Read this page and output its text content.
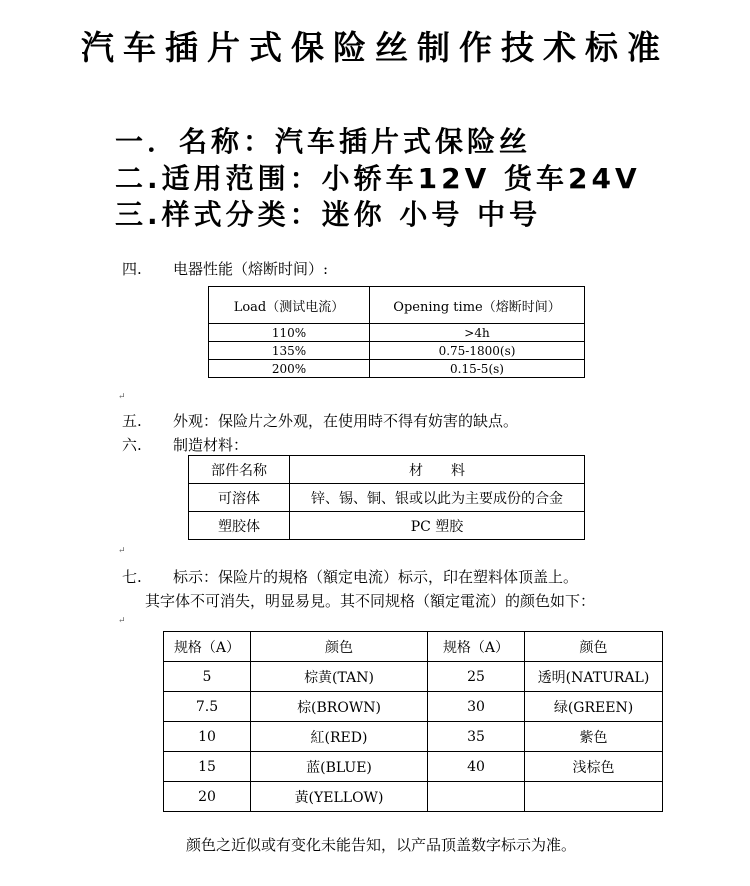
汽车插片式保险丝制作技术标准
一．名称：汽车插片式保险丝
二.适用范围：小轿车12V 货车24V
三.样式分类：迷你 小号 中号
四. 电器性能（熔断时间）:
Load（测试电流）	Opening time（熔断时间）
110%	>4h
135%	0.75-1800(s)
200%	0.15-5(s)
五. 外观：保险片之外观，在使用時不得有妨害的缺点。
六. 制造材料：
部件名称	材　　料
可溶体	锌、锡、铜、银或以此为主要成份的合金
塑胶体	PC 塑胶
七. 标示：保险片的規格（額定电流）标示，印在塑料体顶盖上。
其字体不可消失，明显易見。其不同规格（額定電流）的颜色如下：
规格（A）	颜色	规格（A）	颜色
5	棕黄(TAN)	25	透明(NATURAL)
7.5	棕(BROWN)	30	绿(GREEN)
10	紅(RED)	35	紫色
15	蓝(BLUE)	40	浅棕色
20	黃(YELLOW)		
颜色之近似或有变化未能告知，以产品顶盖数字标示为准。
↵
↵
↵
